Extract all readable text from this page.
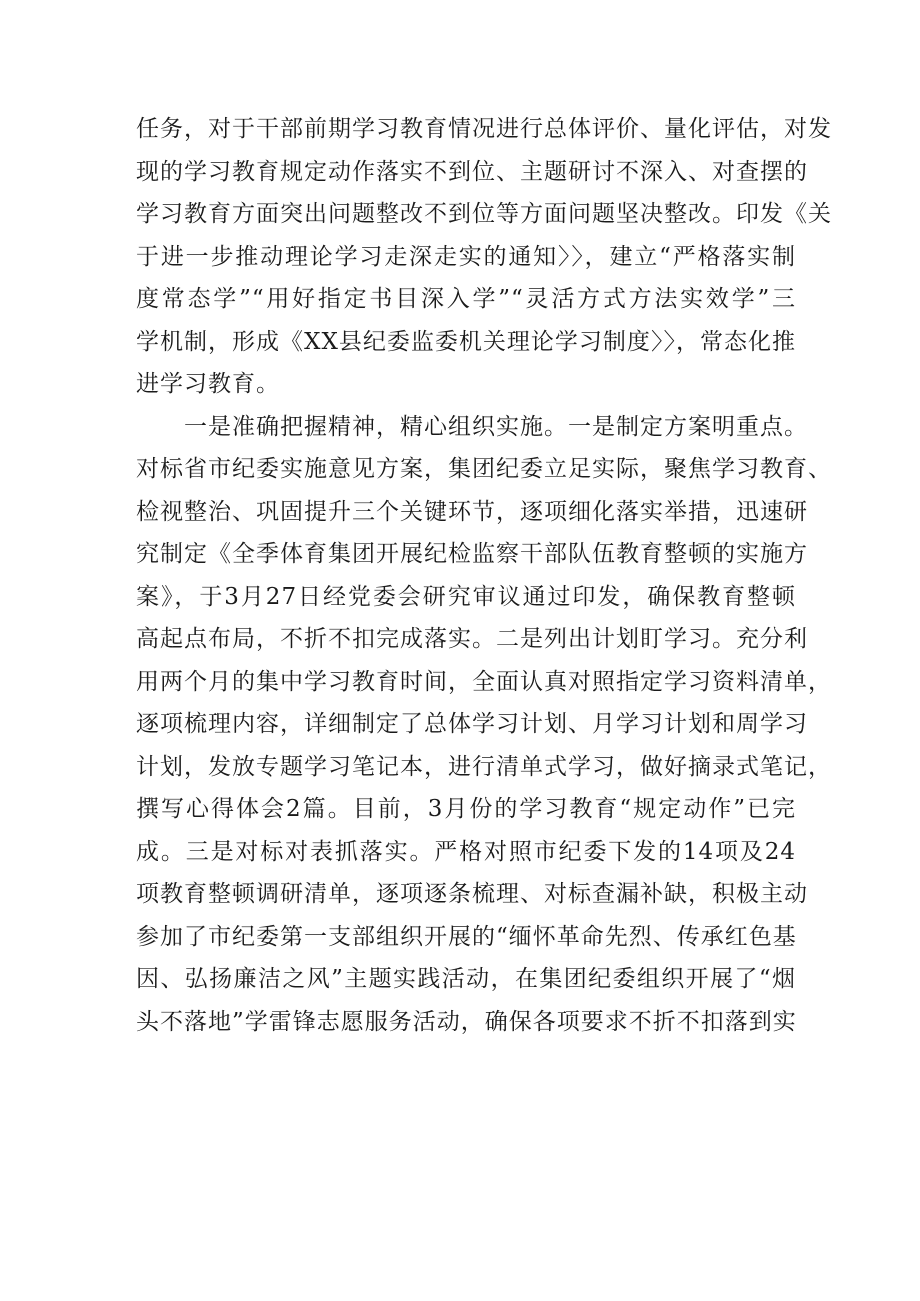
任务，对于干部前期学习教育情况进行总体评价、量化评估，对发
现的学习教育规定动作落实不到位、主题研讨不深入、对查摆的
学习教育方面突出问题整改不到位等方面问题坚决整改。印发《关
于进一步推动理论学习走深走实的通知〉〉，建立“严格落实制
度常态学”“用好指定书目深入学”“灵活方式方法实效学”三
学机制，形成《XX县纪委监委机关理论学习制度〉〉，常态化推
进学习教育。
一是准确把握精神，精心组织实施。一是制定方案明重点。
对标省市纪委实施意见方案，集团纪委立足实际，聚焦学习教育、
检视整治、巩固提升三个关键环节，逐项细化落实举措，迅速研
究制定《全季体育集团开展纪检监察干部队伍教育整顿的实施方
案》，于3月27日经党委会研究审议通过印发，确保教育整顿
高起点布局，不折不扣完成落实。二是列出计划盯学习。充分利
用两个月的集中学习教育时间，全面认真对照指定学习资料清单，
逐项梳理内容，详细制定了总体学习计划、月学习计划和周学习
计划，发放专题学习笔记本，进行清单式学习，做好摘录式笔记，
撰写心得体会2篇。目前，3月份的学习教育“规定动作”已完
成。三是对标对表抓落实。严格对照市纪委下发的14项及24
项教育整顿调研清单，逐项逐条梳理、对标查漏补缺，积极主动
参加了市纪委第一支部组织开展的“缅怀革命先烈、传承红色基
因、弘扬廉洁之风”主题实践活动，在集团纪委组织开展了“烟
头不落地”学雷锋志愿服务活动，确保各项要求不折不扣落到实
